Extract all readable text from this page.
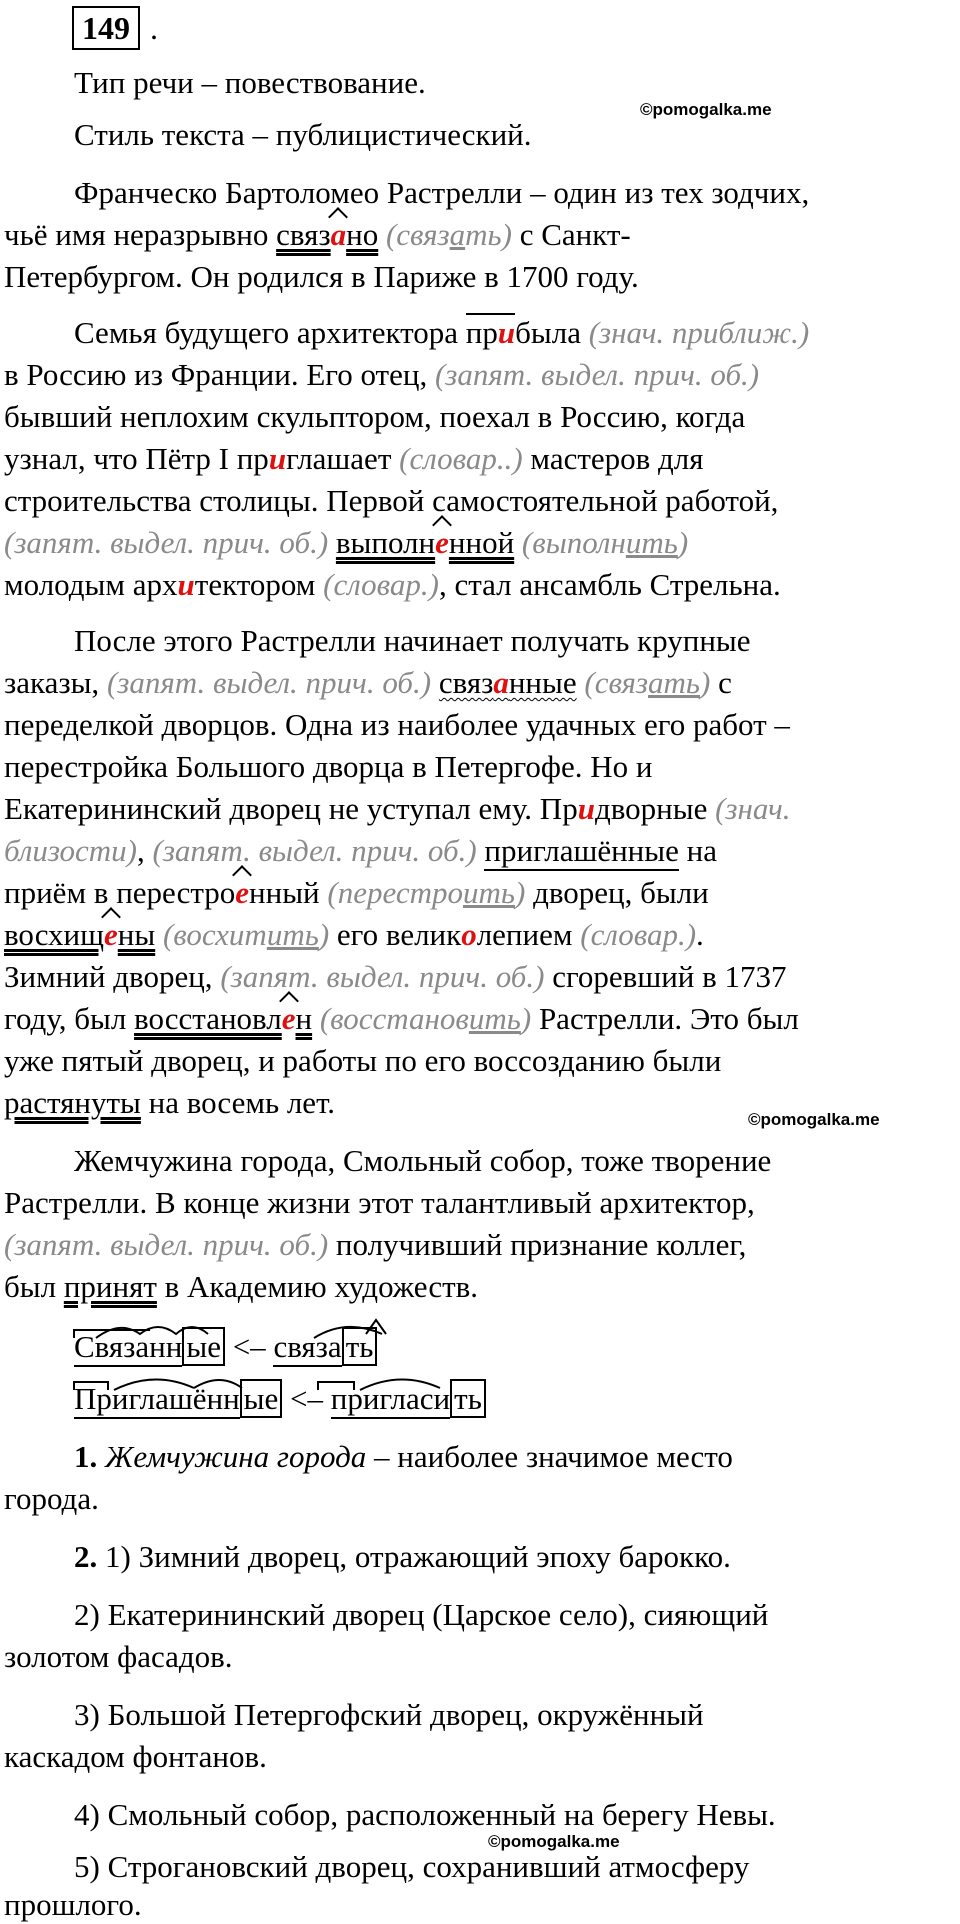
149 .
Тип речи – повествование.
©pomogalka.me
Стиль текста – публицистический.
Франческо Бартоломео Растрелли – один из тех зодчих,
чьё имя неразрывно связано (связать) с Санкт-
Петербургом. Он родился в Париже в 1700 году.
Семья будущего архитектора прибыла (знач. приближ.)
в Россию из Франции. Его отец, (запят. выдел. прич. об.)
бывший неплохим скульптором, поехал в Россию, когда
узнал, что Пётр I приглашает (словар..) мастеров для
строительства столицы. Первой самостоятельной работой,
(запят. выдел. прич. об.) выполненной (выполнить)
молодым архитектором (словар.), стал ансамбль Стрельна.
После этого Растрелли начинает получать крупные
заказы, (запят. выдел. прич. об.) связанные (связать) с
переделкой дворцов. Одна из наиболее удачных его работ –
перестройка Большого дворца в Петергофе. Но и
Екатерининский дворец не уступал ему. Придворные (знач.
близости), (запят. выдел. прич. об.) приглашённые на
приём в перестроенный (перестроить) дворец, были
восхищены (восхитить) его великолепием (словар.).
Зимний дворец, (запят. выдел. прич. об.) сгоревший в 1737
году, был восстановлен (восстановить) Растрелли. Это был
уже пятый дворец, и работы по его воссозданию были
растянуты на восемь лет.	©pomogalka.me
Жемчужина города, Смольный собор, тоже творение
Растрелли. В конце жизни этот талантливый архитектор,
(запят. выдел. прич. об.) получивший признание коллег,
был принят в Академию художеств.
Связанн ые <– связа ть
Приглашённ ые <– пригласи ть
1. Жемчужина города – наиболее значимое место
города.
2. 1) Зимний дворец, отражающий эпоху барокко.
2) Екатерининский дворец (Царское село), сияющий
золотом фасадов.
3) Большой Петергофский дворец, окружённый
каскадом фонтанов.
4) Смольный собор, расположенный на берегу Невы.
©pomogalka.me
5) Строгановский дворец, сохранивший атмосферу
прошлого.
